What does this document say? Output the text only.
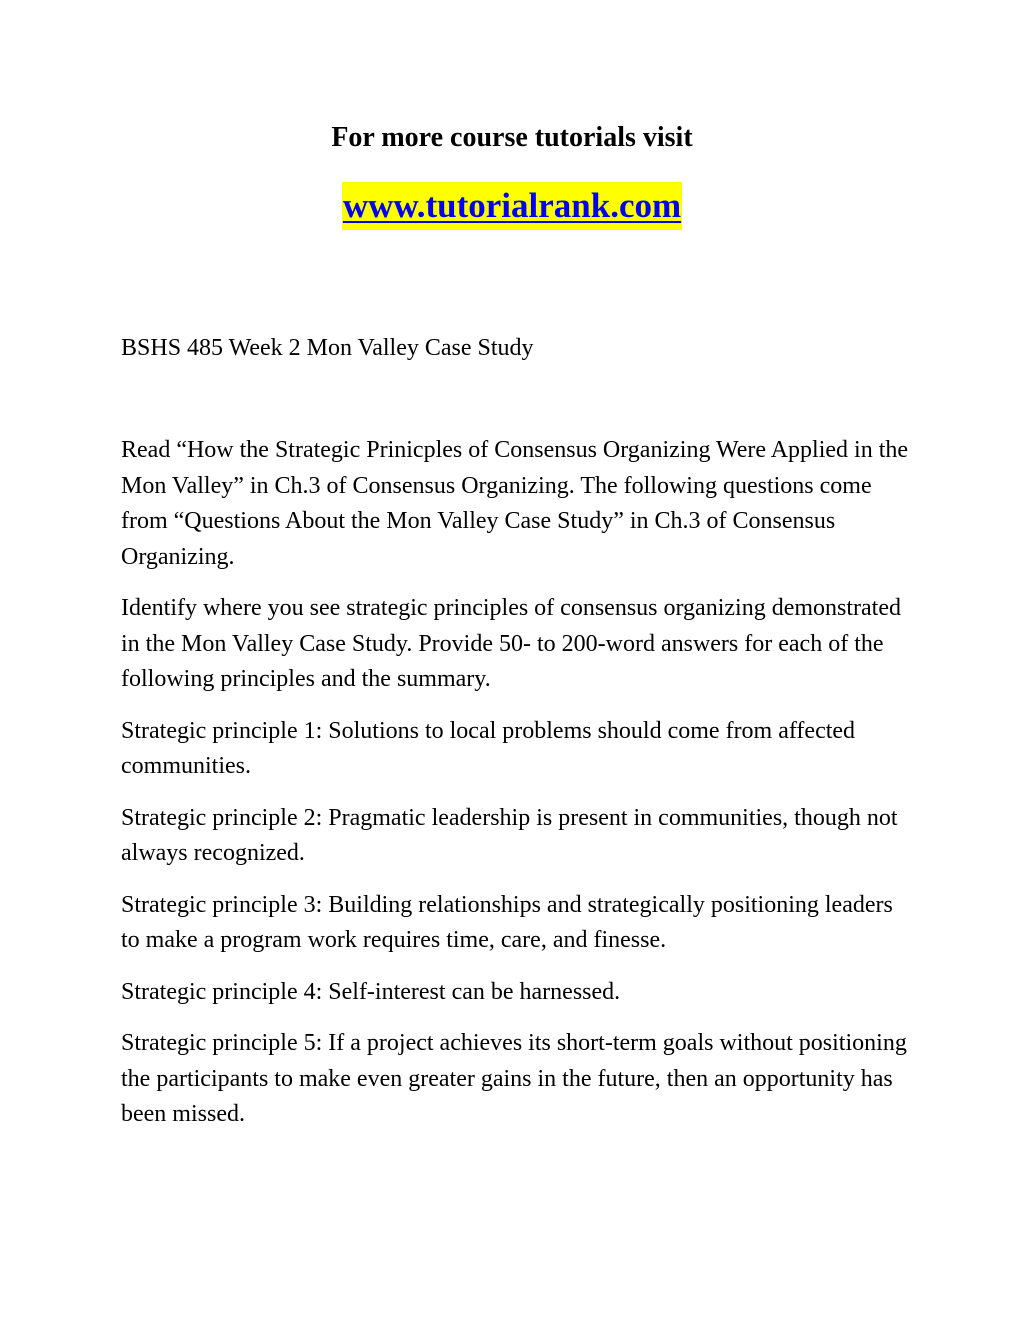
For more course tutorials visit
www.tutorialrank.com
BSHS 485 Week 2 Mon Valley Case Study

Read “How the Strategic Prinicples of Consensus Organizing Were Applied in the Mon Valley” in Ch.3 of Consensus Organizing. The following questions come from “Questions About the Mon Valley Case Study” in Ch.3 of Consensus Organizing.

Identify where you see strategic principles of consensus organizing demonstrated in the Mon Valley Case Study. Provide 50- to 200-word answers for each of the following principles and the summary.

Strategic principle 1: Solutions to local problems should come from affected communities.

Strategic principle 2: Pragmatic leadership is present in communities, though not always recognized.

Strategic principle 3: Building relationships and strategically positioning leaders to make a program work requires time, care, and finesse.

Strategic principle 4: Self-interest can be harnessed.

Strategic principle 5: If a project achieves its short-term goals without positioning the participants to make even greater gains in the future, then an opportunity has been missed.
